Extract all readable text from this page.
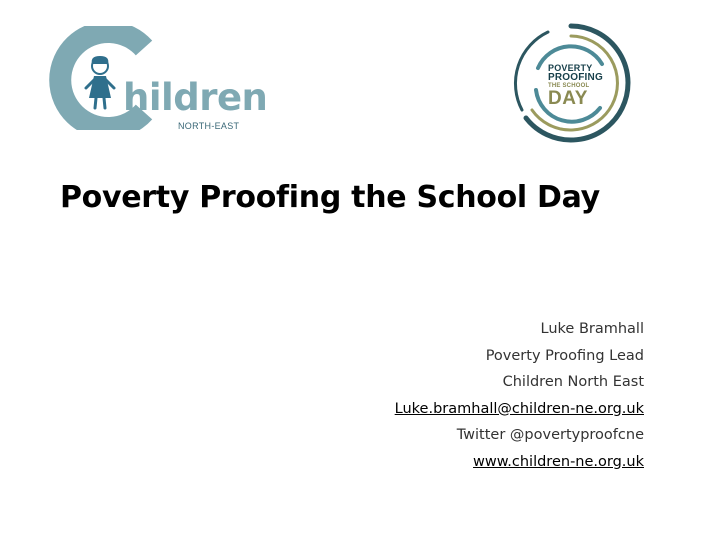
hildren
NORTH-EAST
POVERTY
PROOFING
THE SCHOOL
DAY
Poverty Proofing the School Day
Luke Bramhall
Poverty Proofing Lead
Children North East
Luke.bramhall@children-ne.org.uk
Twitter @povertyproofcne
www.children-ne.org.uk
